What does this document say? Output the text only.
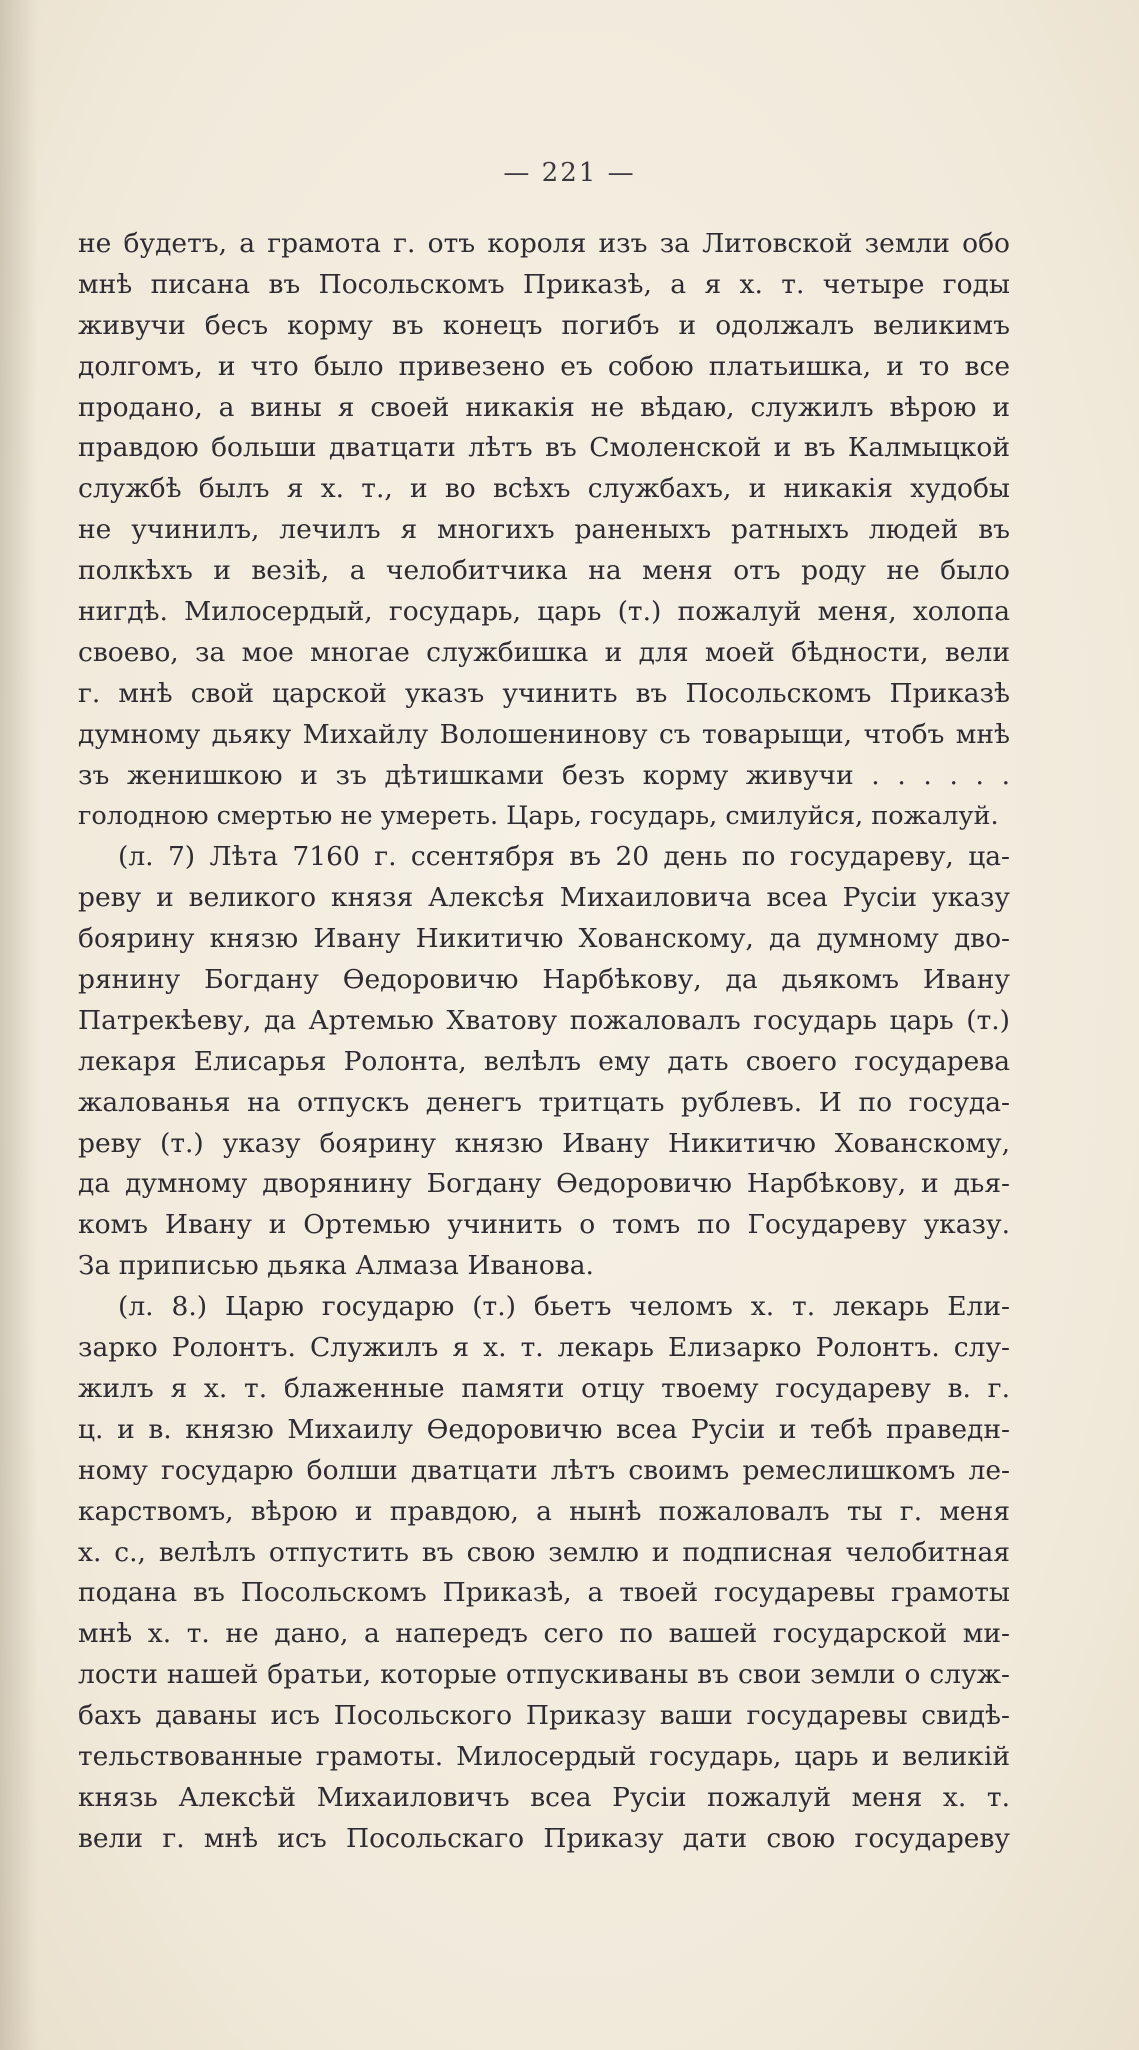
— 221 —
не будетъ, а грамота г. отъ короля изъ за Литовской земли обо
мнѣ писана въ Посольскомъ Приказѣ, а я х. т. четыре годы
живучи бесъ корму въ конецъ погибъ и одолжалъ великимъ
долгомъ, и что было привезено еъ собою платьишка, и то все
продано, а вины я своей никакія не вѣдаю, служилъ вѣрою и
правдою больши дватцати лѣтъ въ Смоленской и въ Калмыцкой
службѣ былъ я х. т., и во всѣхъ службахъ, и никакія худобы
не учинилъ, лечилъ я многихъ раненыхъ ратныхъ людей въ
полкѣхъ и везiѣ, а челобитчика на меня отъ роду не было
нигдѣ. Милосердый, государь, царь (т.) пожалуй меня, холопа
своево, за мое многае службишка и для моей бѣдности, вели
г. мнѣ свой царской указъ учинить въ Посольскомъ Приказѣ
думному дьяку Михайлу Волошенинову съ товарыщи, чтобъ мнѣ
зъ женишкою и зъ дѣтишками безъ корму живучи . . . . . .
голодною смертью не умереть. Царь, государь, смилуйся, пожалуй.
(л. 7) Лѣта 7160 г. ссентября въ 20 день по государеву, ца-
реву и великого князя Алексѣя Михаиловича всеа Русiи указу
боярину князю Ивану Никитичю Хованскому, да думному дво-
рянину Богдану Ѳедоровичю Нарбѣкову, да дьякомъ Ивану
Патрекѣеву, да Артемью Хватову пожаловалъ государь царь (т.)
лекаря Елисарья Ролонта, велѣлъ ему дать своего государева
жалованья на отпускъ денегъ тритцать рублевъ. И по госуда-
реву (т.) указу боярину князю Ивану Никитичю Хованскому,
да думному дворянину Богдану Ѳедоровичю Нарбѣкову, и дья-
комъ Ивану и Ортемью учинить о томъ по Государеву указу.
За приписью дьяка Алмаза Иванова.
(л. 8.) Царю государю (т.) бьетъ челомъ х. т. лекарь Ели-
зарко Ролонтъ. Служилъ я х. т. лекарь Елизарко Ролонтъ. слу-
жилъ я х. т. блаженные памяти отцу твоему государеву в. г.
ц. и в. князю Михаилу Ѳедоровичю всеа Русiи и тебѣ праведн-
ному государю болши дватцати лѣтъ своимъ ремеслишкомъ ле-
карствомъ, вѣрою и правдою, а нынѣ пожаловалъ ты г. меня
х. с., велѣлъ отпустить въ свою землю и подписная челобитная
подана въ Посольскомъ Приказѣ, а твоей государевы грамоты
мнѣ х. т. не дано, а напередъ сего по вашей государской ми-
лости нашей братьи, которые отпускиваны въ свои земли о служ-
бахъ даваны исъ Посольского Приказу ваши государевы свидѣ-
тельствованные грамоты. Милосердый государь, царь и великiй
князь Алексѣй Михаиловичъ всеа Русiи пожалуй меня х. т.
вели г. мнѣ исъ Посольскаго Приказу дати свою государеву
